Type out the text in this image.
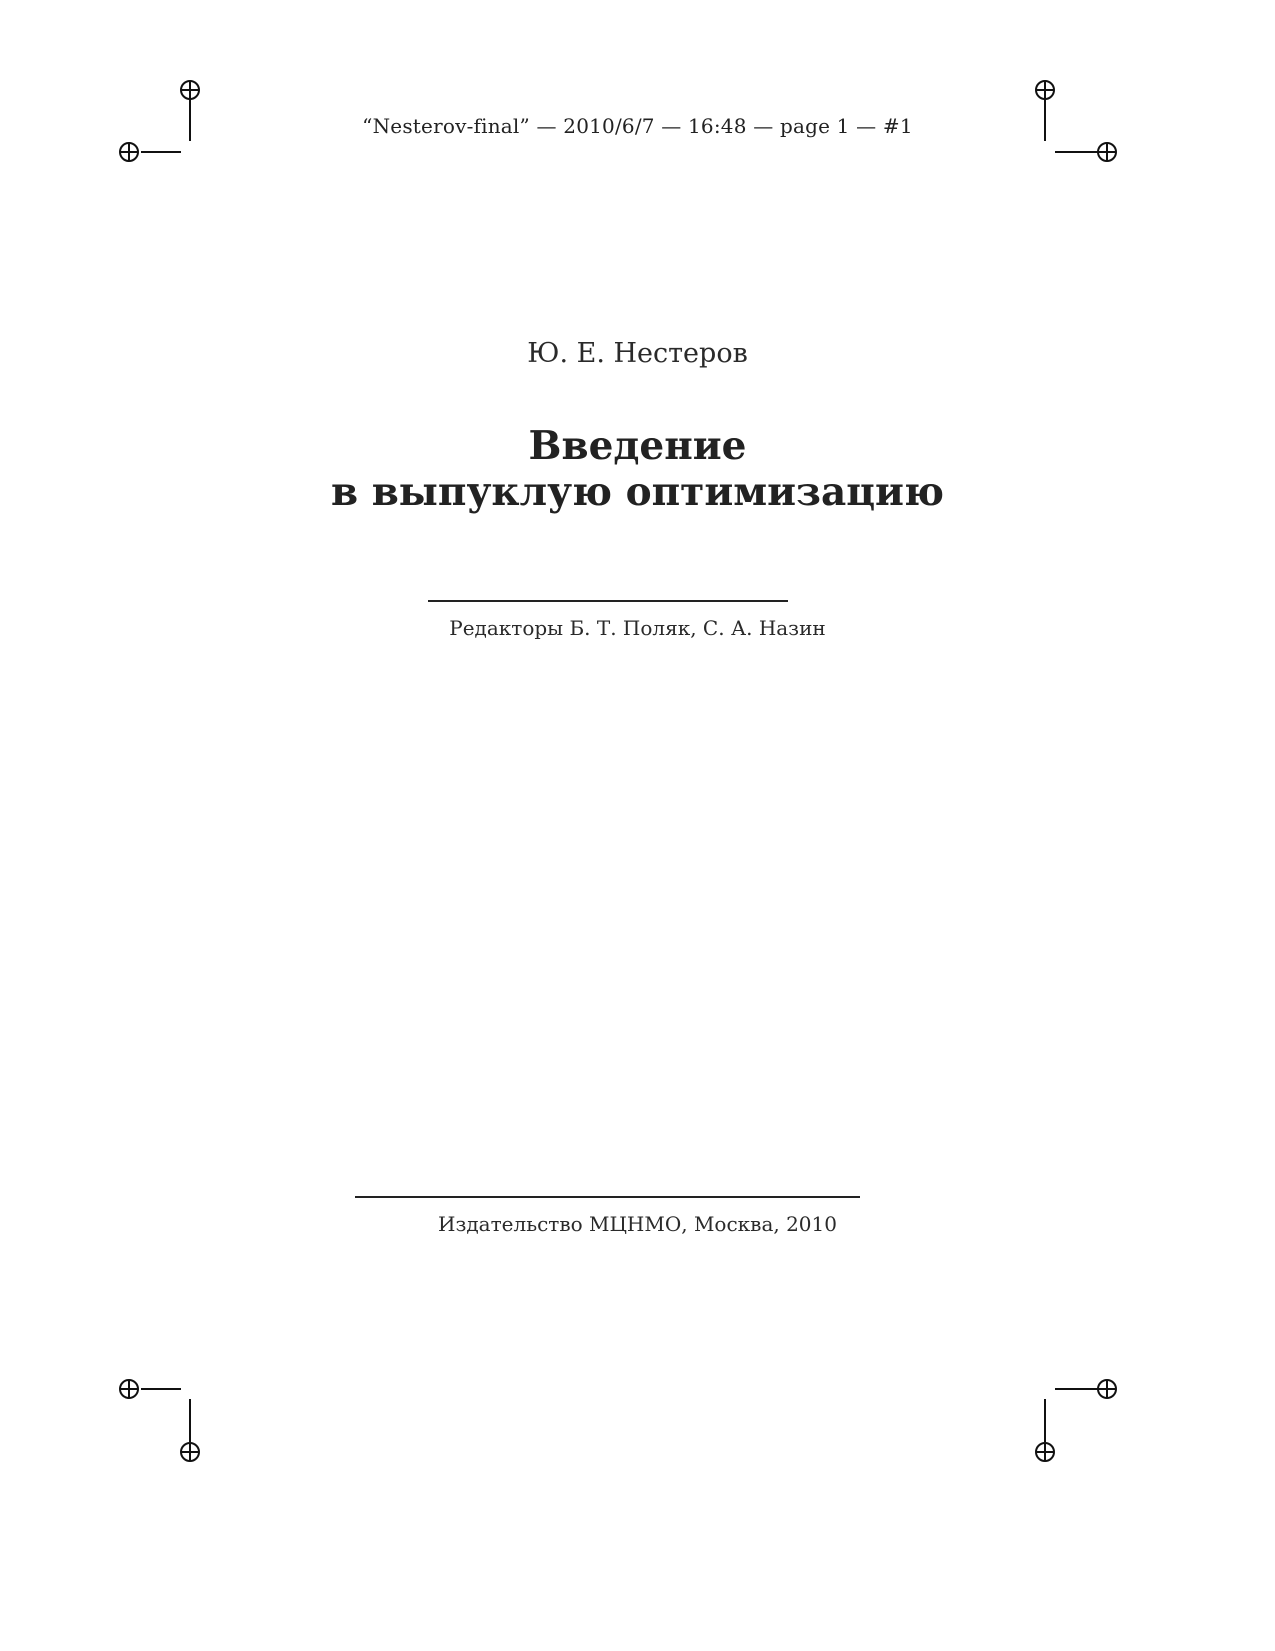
“Nesterov-final” — 2010/6/7 — 16:48 — page 1 — #1
Ю. Е. Нестеров
Введение
в выпуклую оптимизацию
Редакторы Б. Т. Поляк, С. А. Назин
Издательство МЦНМО, Москва, 2010
